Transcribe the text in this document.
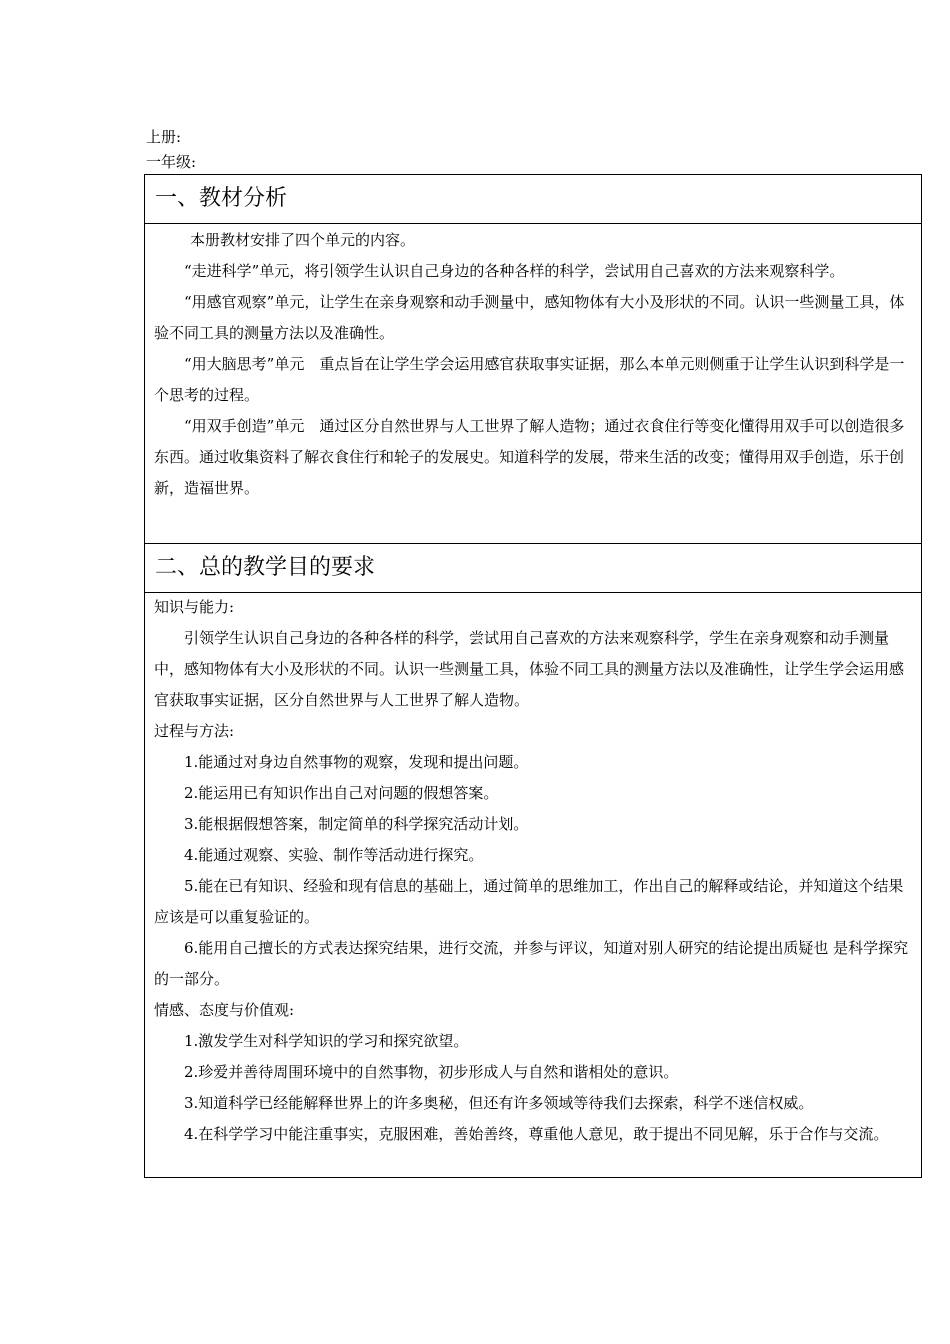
上册:
一年级:
一、教材分析

本册教材安排了四个单元的内容。

“走进科学”单元，将引领学生认识自己身边的各种各样的科学，尝试用自己喜欢的方法来观察科学。

“用感官观察”单元，让学生在亲身观察和动手测量中，感知物体有大小及形状的不同。认识一些测量工具，体验不同工具的测量方法以及准确性。

“用大脑思考”单元　重点旨在让学生学会运用感官获取事实证据，那么本单元则侧重于让学生认识到科学是一个思考的过程。

“用双手创造”单元　通过区分自然世界与人工世界了解人造物；通过衣食住行等变化懂得用双手可以创造很多东西。通过收集资料了解衣食住行和轮子的发展史。知道科学的发展，带来生活的改变；懂得用双手创造，乐于创新，造福世界。

二、总的教学目的要求

知识与能力:

引领学生认识自己身边的各种各样的科学，尝试用自己喜欢的方法来观察科学，学生在亲身观察和动手测量中，感知物体有大小及形状的不同。认识一些测量工具，体验不同工具的测量方法以及准确性，让学生学会运用感官获取事实证据，区分自然世界与人工世界了解人造物。

过程与方法:

1.能通过对身边自然事物的观察，发现和提出问题。

2.能运用已有知识作出自己对问题的假想答案。

3.能根据假想答案，制定简单的科学探究活动计划。

4.能通过观察、实验、制作等活动进行探究。

5.能在已有知识、经验和现有信息的基础上，通过简单的思维加工，作出自己的解释或结论，并知道这个结果应该是可以重复验证的。

6.能用自己擅长的方式表达探究结果，进行交流，并参与评议，知道对别人研究的结论提出质疑也 是科学探究的一部分。

情感、态度与价值观:

1.激发学生对科学知识的学习和探究欲望。

2.珍爱并善待周围环境中的自然事物，初步形成人与自然和谐相处的意识。

3.知道科学已经能解释世界上的许多奥秘，但还有许多领域等待我们去探索，科学不迷信权威。

4.在科学学习中能注重事实，克服困难，善始善终，尊重他人意见，敢于提出不同见解，乐于合作与交流。
